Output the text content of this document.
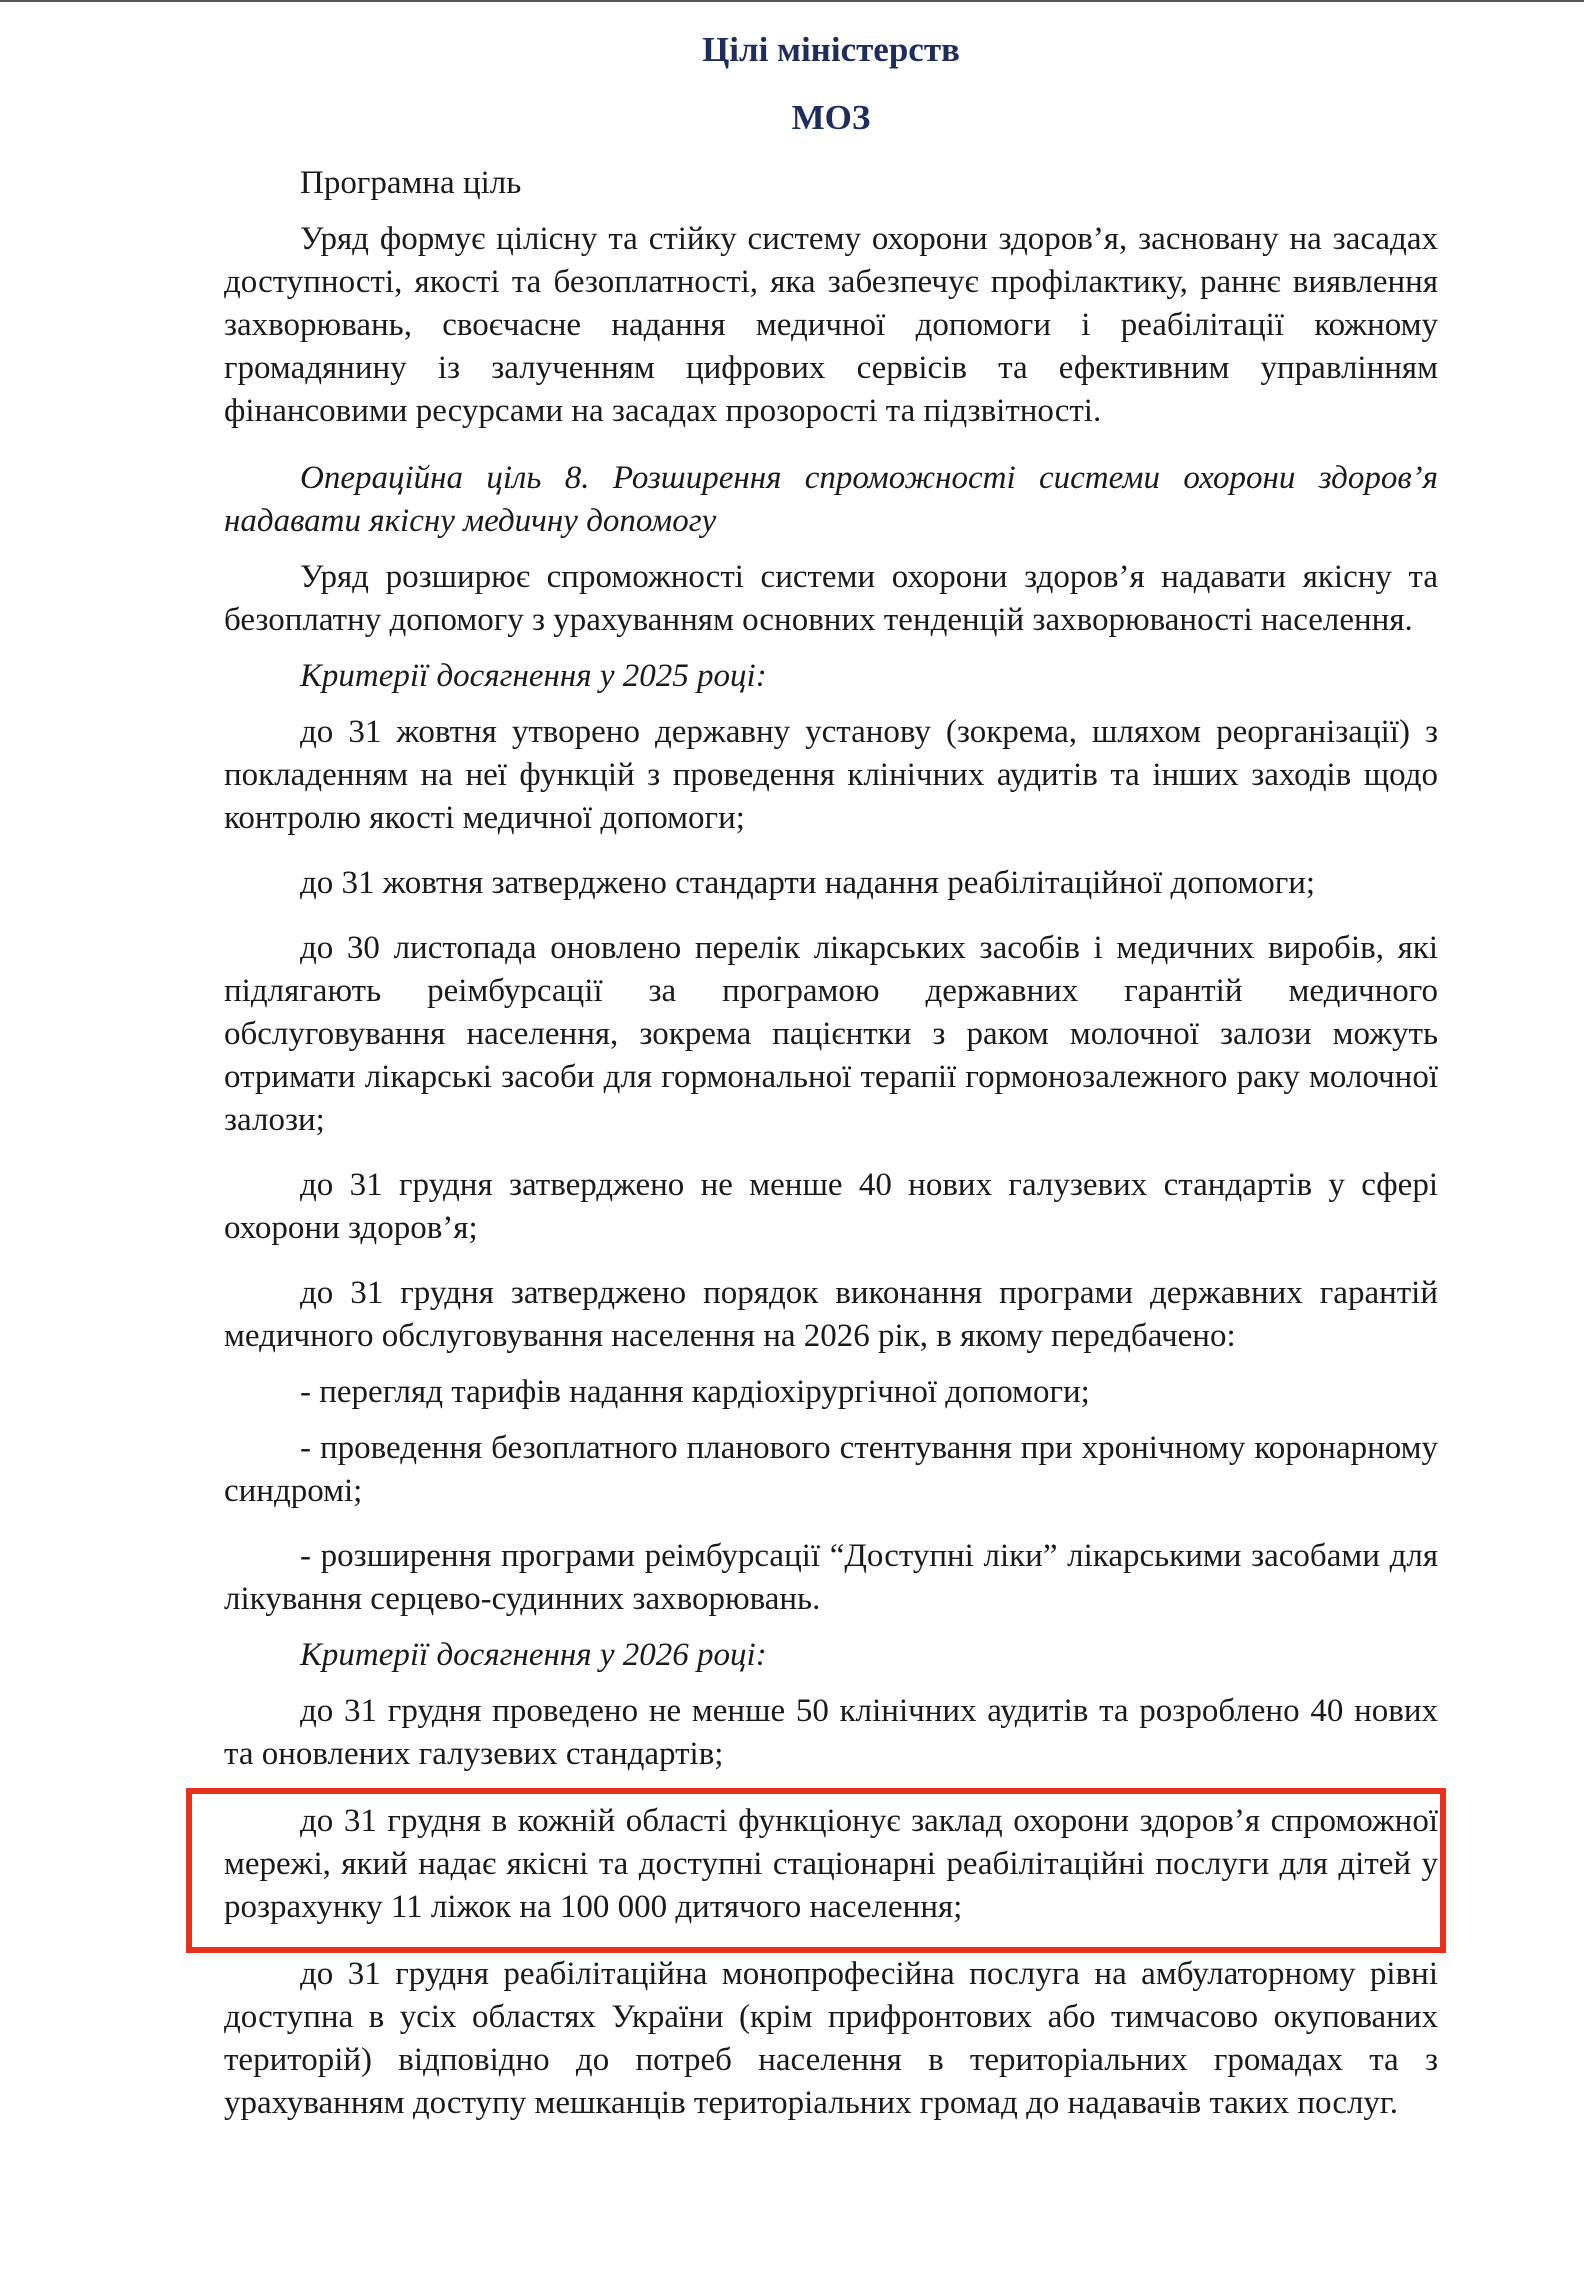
Цілі міністерств

МОЗ

Програмна ціль

Уряд формує цілісну та стійку систему охорони здоров’я, засновану на засадах доступності, якості та безоплатності, яка забезпечує профілактику, раннє виявлення захворювань, своєчасне надання медичної допомоги і реабілітації кожному громадянину із залученням цифрових сервісів та ефективним управлінням фінансовими ресурсами на засадах прозорості та підзвітності.

Операційна ціль 8. Розширення спроможності системи охорони здоров’я надавати якісну медичну допомогу

Уряд розширює спроможності системи охорони здоров’я надавати якісну та безоплатну допомогу з урахуванням основних тенденцій захворюваності населення.

Критерії досягнення у 2025 році:

до 31 жовтня утворено державну установу (зокрема, шляхом реорганізації) з покладенням на неї функцій з проведення клінічних аудитів та інших заходів щодо контролю якості медичної допомоги;

до 31 жовтня затверджено стандарти надання реабілітаційної допомоги;

до 30 листопада оновлено перелік лікарських засобів і медичних виробів, які підлягають реімбурсації за програмою державних гарантій медичного обслуговування населення, зокрема пацієнтки з раком молочної залози можуть отримати лікарські засоби для гормональної терапії гормонозалежного раку молочної залози;

до 31 грудня затверджено не менше 40 нових галузевих стандартів у сфері охорони здоров’я;

до 31 грудня затверджено порядок виконання програми державних гарантій медичного обслуговування населення на 2026 рік, в якому передбачено:

- перегляд тарифів надання кардіохірургічної допомоги;

- проведення безоплатного планового стентування при хронічному коронарному синдромі;

- розширення програми реімбурсації “Доступні ліки” лікарськими засобами для лікування серцево-судинних захворювань.

Критерії досягнення у 2026 році:

до 31 грудня проведено не менше 50 клінічних аудитів та розроблено 40 нових та оновлених галузевих стандартів;

до 31 грудня в кожній області функціонує заклад охорони здоров’я спроможної мережі, який надає якісні та доступні стаціонарні реабілітаційні послуги для дітей у розрахунку 11 ліжок на 100 000 дитячого населення;

до 31 грудня реабілітаційна монопрофесійна послуга на амбулаторному рівні доступна в усіх областях України (крім прифронтових або тимчасово окупованих територій) відповідно до потреб населення в територіальних громадах та з урахуванням доступу мешканців територіальних громад до надавачів таких послуг.
